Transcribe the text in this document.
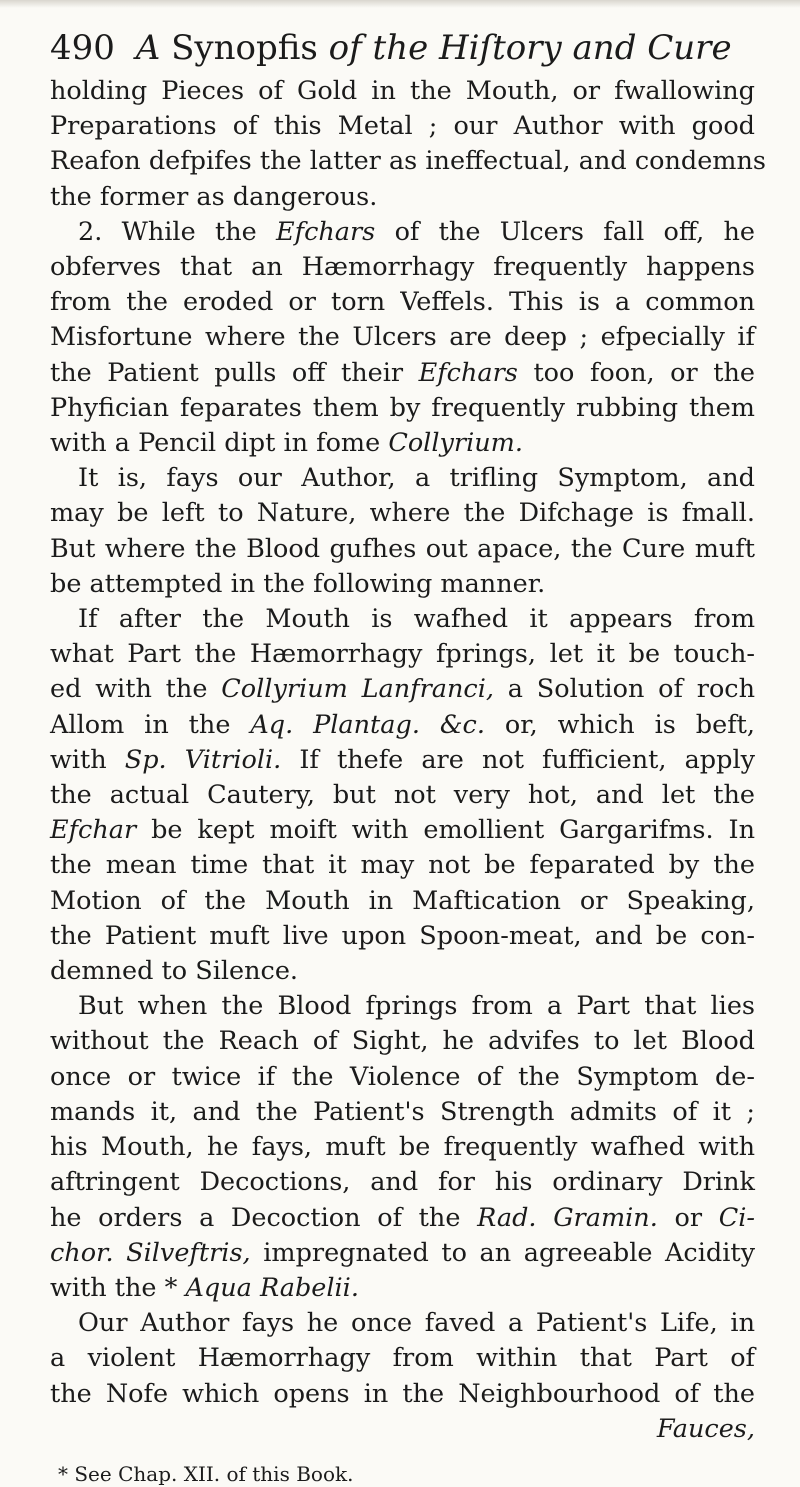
490 A Synopfis of the Hiſtory and Cure
holding Pieces of Gold in the Mouth, or fwallowing
Preparations of this Metal ; our Author with good
Reafon defpifes the latter as ineffectual, and condemns
the former as dangerous.
2. While the Efchars of the Ulcers fall off, he
obferves that an Hæmorrhagy frequently happens
from the eroded or torn Veffels. This is a common
Misfortune where the Ulcers are deep ; efpecially if
the Patient pulls off their Efchars too foon, or the
Phyfician feparates them by frequently rubbing them
with a Pencil dipt in fome Collyrium.
It is, fays our Author, a trifling Symptom, and
may be left to Nature, where the Difchage is fmall.
But where the Blood gufhes out apace, the Cure muft
be attempted in the following manner.
If after the Mouth is wafhed it appears from
what Part the Hæmorrhagy fprings, let it be touch-
ed with the Collyrium Lanfranci, a Solution of roch
Allom in the Aq. Plantag. &c. or, which is beft,
with Sp. Vitrioli. If thefe are not fufficient, apply
the actual Cautery, but not very hot, and let the
Efchar be kept moift with emollient Gargarifms. In
the mean time that it may not be feparated by the
Motion of the Mouth in Maftication or Speaking,
the Patient muft live upon Spoon-meat, and be con-
demned to Silence.
But when the Blood fprings from a Part that lies
without the Reach of Sight, he advifes to let Blood
once or twice if the Violence of the Symptom de-
mands it, and the Patient's Strength admits of it ;
his Mouth, he fays, muft be frequently wafhed with
aftringent Decoctions, and for his ordinary Drink
he orders a Decoction of the Rad. Gramin. or Ci-
chor. Silveftris, impregnated to an agreeable Acidity
with the * Aqua Rabelii.
Our Author fays he once faved a Patient's Life, in
a violent Hæmorrhagy from within that Part of
the Nofe which opens in the Neighbourhood of the
Fauces,
* See Chap. XII. of this Book.
